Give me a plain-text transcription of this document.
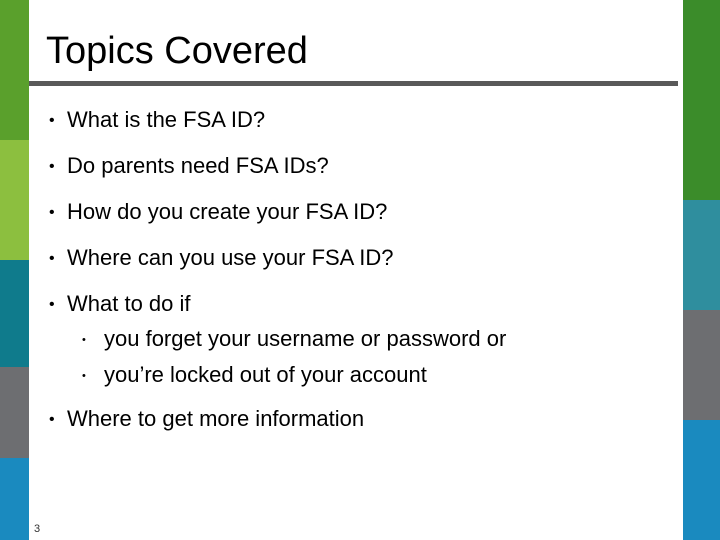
Topics Covered
• What is the FSA ID?
• Do parents need FSA IDs?
• How do you create your FSA ID?
• Where can you use your FSA ID?
• What to do if
• you forget your username or password or
• you’re locked out of your account
• Where to get more information
3
